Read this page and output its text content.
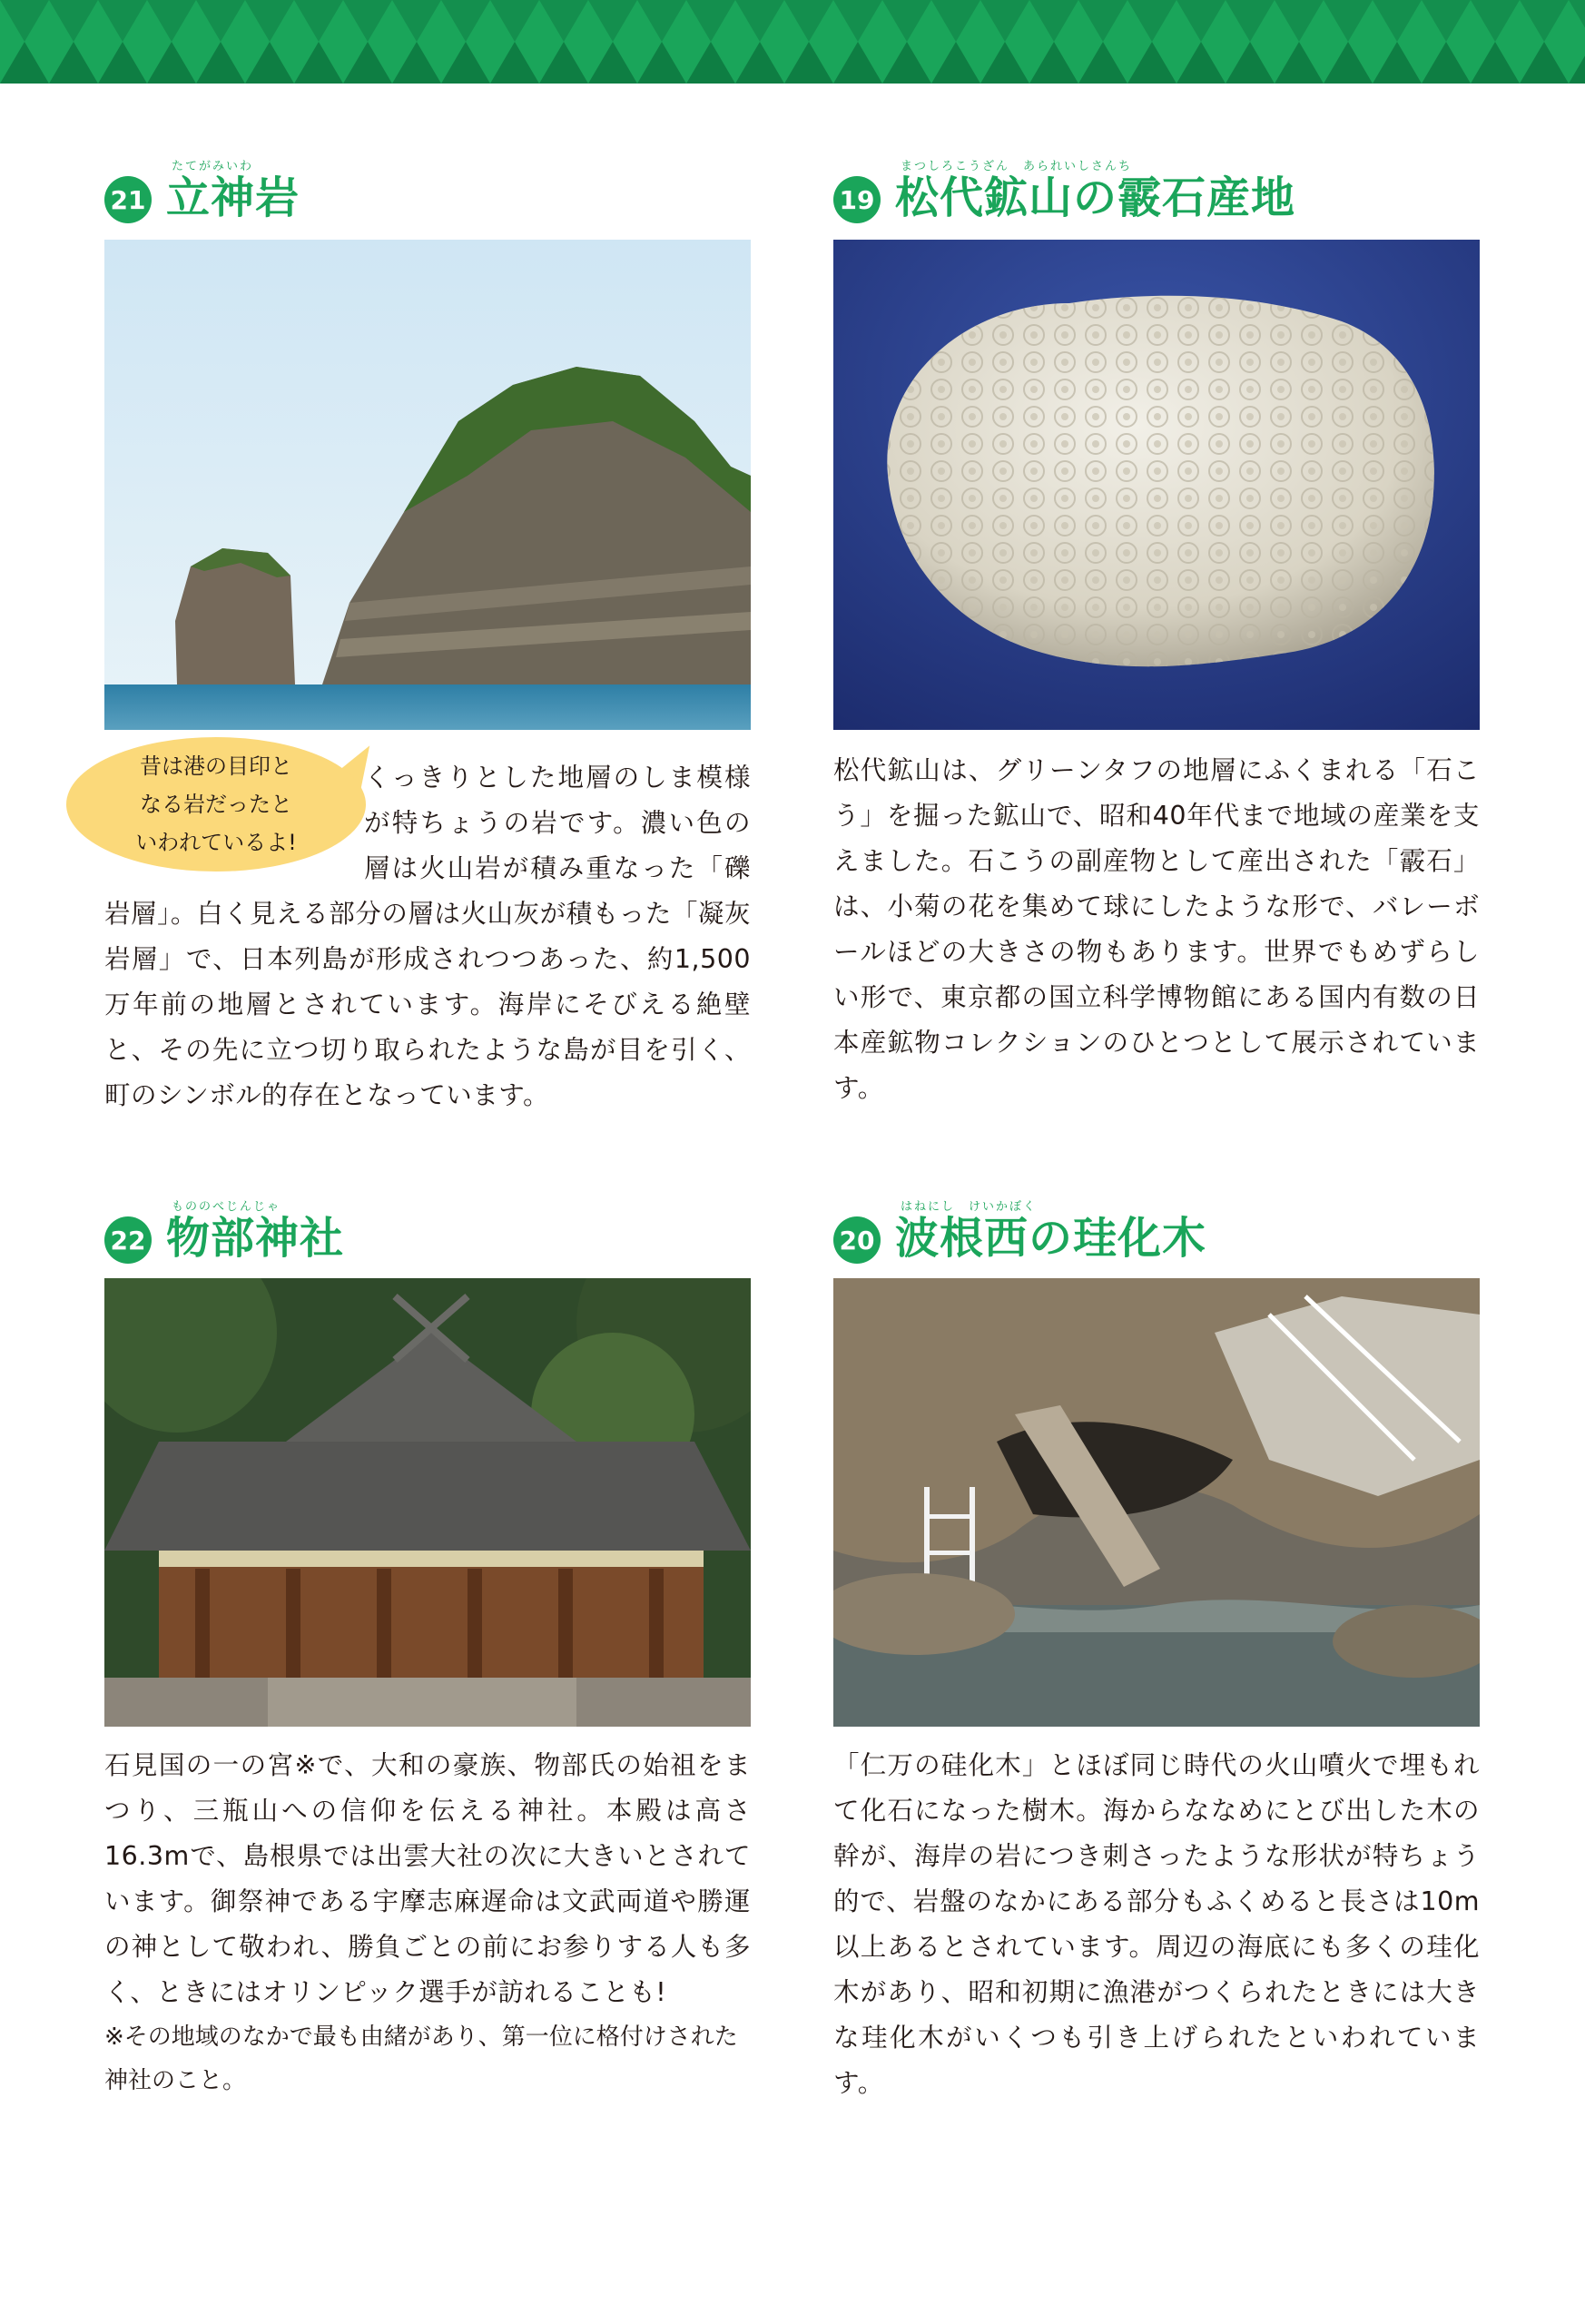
21
たてがみいわ
立神岩
昔は港の目印と
なる岩だったと
いわれているよ!
くっきりとした地層のしま模様が特ちょうの岩です。濃い色の層は火山岩が積み重なった「礫岩層」。白く見える部分の層は火山灰が積もった「凝灰岩層」で、日本列島が形成されつつあった、約1,500万年前の地層とされています。海岸にそびえる絶壁と、その先に立つ切り取られたような島が目を引く、町のシンボル的存在となっています。
19
まつしろこうざん　あられいしさんち
松代鉱山の霰石産地
松代鉱山は、グリーンタフの地層にふくまれる「石こう」を掘った鉱山で、昭和40年代まで地域の産業を支えました。石こうの副産物として産出された「霰石」は、小菊の花を集めて球にしたような形で、バレーボールほどの大きさの物もあります。世界でもめずらしい形で、東京都の国立科学博物館にある国内有数の日本産鉱物コレクションのひとつとして展示されています。
22
もののべじんじゃ
物部神社
石見国の一の宮※で、大和の豪族、物部氏の始祖をまつり、三瓶山への信仰を伝える神社。本殿は高さ16.3mで、島根県では出雲大社の次に大きいとされています。御祭神である宇摩志麻遅命は文武両道や勝運の神として敬われ、勝負ごとの前にお参りする人も多く、ときにはオリンピック選手が訪れることも!
※その地域のなかで最も由緒があり、第一位に格付けされた神社のこと。
20
はねにし　けいかぼく
波根西の珪化木
「仁万の硅化木」とほぼ同じ時代の火山噴火で埋もれて化石になった樹木。海からななめにとび出した木の幹が、海岸の岩につき刺さったような形状が特ちょう的で、岩盤のなかにある部分もふくめると長さは10m以上あるとされています。周辺の海底にも多くの珪化木があり、昭和初期に漁港がつくられたときには大きな珪化木がいくつも引き上げられたといわれています。
